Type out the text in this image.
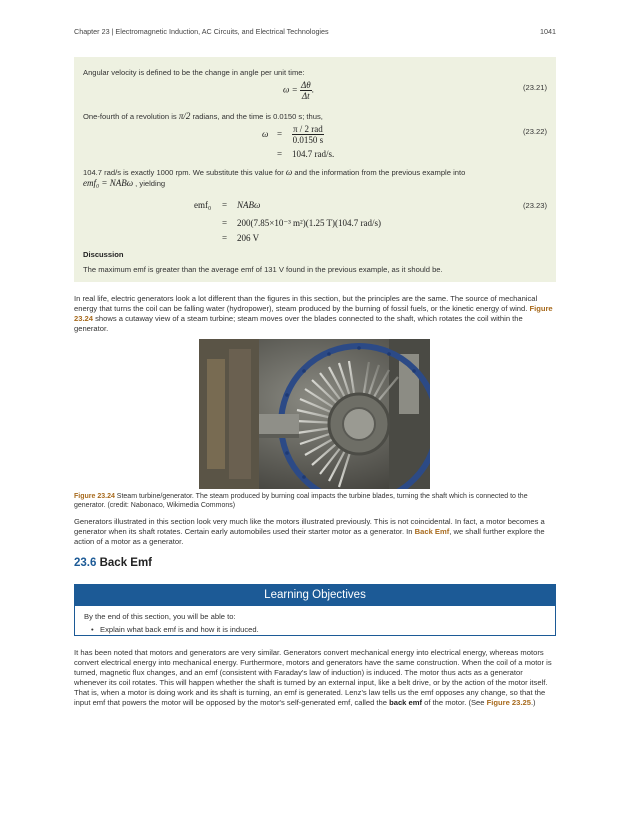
Chapter 23 | Electromagnetic Induction, AC Circuits, and Electrical Technologies	1041
Angular velocity is defined to be the change in angle per unit time:
$\omega = \frac{\Delta\theta}{\Delta t}$ .	(23.21)
One-fourth of a revolution is π/2 radians, and the time is 0.0150 s; thus,
$\omega = \frac{\text{π / 2 rad}}{0.0150 s}$
= 104.7 rad/s.
(23.22)
104.7 rad/s is exactly 1000 rpm. We substitute this value for ω and the information from the previous example into
emf₀ = NABω , yielding
emf₀ = NABω
= 200(7.85×10⁻³ m²)(1.25 T)(104.7 rad/s)
= 206 V
(23.23)
Discussion
The maximum emf is greater than the average emf of 131 V found in the previous example, as it should be.
In real life, electric generators look a lot different than the figures in this section, but the principles are the same. The source of mechanical energy that turns the coil can be falling water (hydropower), steam produced by the burning of fossil fuels, or the kinetic energy of wind. Figure 23.24 shows a cutaway view of a steam turbine; steam moves over the blades connected to the shaft, which rotates the coil within the generator.
Figure 23.24 Steam turbine/generator. The steam produced by burning coal impacts the turbine blades, turning the shaft which is connected to the generator. (credit: Nabonaco, Wikimedia Commons)
Generators illustrated in this section look very much like the motors illustrated previously. This is not coincidental. In fact, a motor becomes a generator when its shaft rotates. Certain early automobiles used their starter motor as a generator. In Back Emf, we shall further explore the action of a motor as a generator.
23.6 Back Emf
Learning Objectives
By the end of this section, you will be able to:
• Explain what back emf is and how it is induced.
It has been noted that motors and generators are very similar. Generators convert mechanical energy into electrical energy, whereas motors convert electrical energy into mechanical energy. Furthermore, motors and generators have the same construction. When the coil of a motor is turned, magnetic flux changes, and an emf (consistent with Faraday's law of induction) is induced. The motor thus acts as a generator whenever its coil rotates. This will happen whether the shaft is turned by an external input, like a belt drive, or by the action of the motor itself. That is, when a motor is doing work and its shaft is turning, an emf is generated. Lenz's law tells us the emf opposes any change, so that the input emf that powers the motor will be opposed by the motor's self-generated emf, called the back emf of the motor. (See Figure 23.25.)
